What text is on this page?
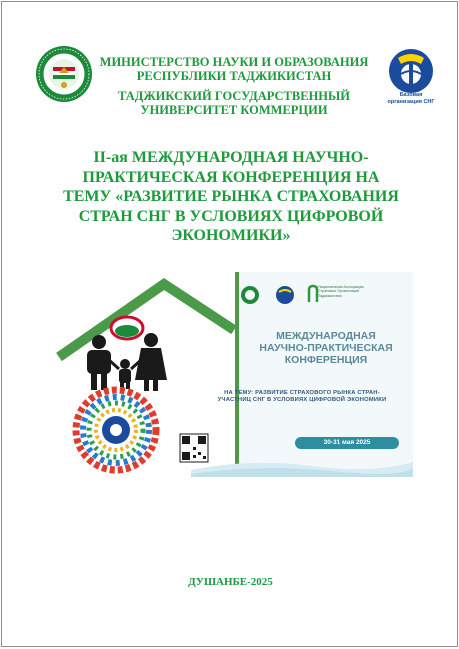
МИНИСТЕРСТВО НАУКИ И ОБРАЗОВАНИЯ
РЕСПУБЛИКИ ТАДЖИКИСТАН
ТАДЖИКСКИЙ ГОСУДАРСТВЕННЫЙ
УНИВЕРСИТЕТ КОММЕРЦИИ
Базовая
организация СНГ
II-ая МЕЖДУНАРОДНАЯ НАУЧНО-
ПРАКТИЧЕСКАЯ КОНФЕРЕНЦИЯ НА
ТЕМУ «РАЗВИТИЕ РЫНКА СТРАХОВАНИЯ
СТРАН СНГ В УСЛОВИЯХ ЦИФРОВОЙ
ЭКОНОМИКИ»
Национальная Ассоциация
Страховых Организаций
Таджикистана
МЕЖДУНАРОДНАЯ
НАУЧНО-ПРАКТИЧЕСКАЯ
КОНФЕРЕНЦИЯ
НА ТЕМУ: РАЗВИТИЕ СТРАХОВОГО РЫНКА СТРАН-
УЧАСТНИЦ СНГ В УСЛОВИЯХ ЦИФРОВОЙ ЭКОНОМИКИ
30-31 мая 2025
ДУШАНБЕ-2025
